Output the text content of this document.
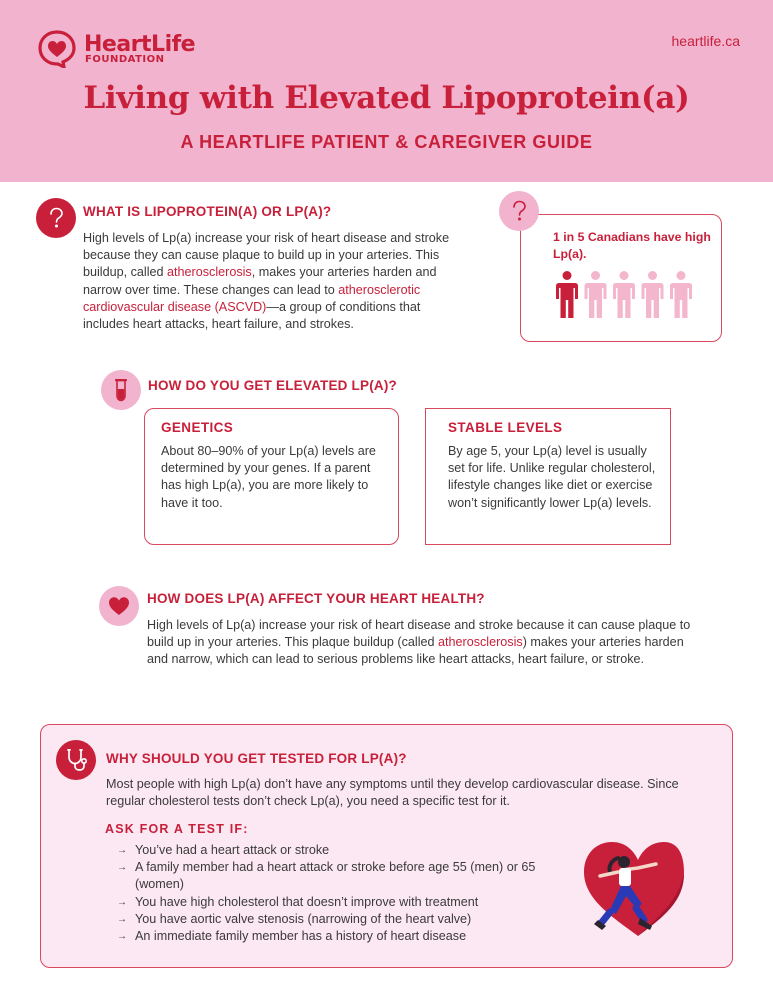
HeartLife
FOUNDATION
heartlife.ca
Living with Elevated Lipoprotein(a)
A HEARTLIFE PATIENT & CAREGIVER GUIDE
WHAT IS LIPOPROTEIN(A) OR LP(A)?
High levels of Lp(a) increase your risk of heart disease and stroke because they can cause plaque to build up in your arteries. This buildup, called atherosclerosis, makes your arteries harden and narrow over time. These changes can lead to atherosclerotic cardiovascular disease (ASCVD)—a group of conditions that includes heart attacks, heart failure, and strokes.
1 in 5 Canadians have high Lp(a).
HOW DO YOU GET ELEVATED LP(A)?
GENETICS
About 80–90% of your Lp(a) levels are determined by your genes. If a parent has high Lp(a), you are more likely to have it too.
STABLE LEVELS
By age 5, your Lp(a) level is usually set for life. Unlike regular cholesterol, lifestyle changes like diet or exercise won’t significantly lower Lp(a) levels.
HOW DOES LP(A) AFFECT YOUR HEART HEALTH?
High levels of Lp(a) increase your risk of heart disease and stroke because it can cause plaque to build up in your arteries. This plaque buildup (called atherosclerosis) makes your arteries harden and narrow, which can lead to serious problems like heart attacks, heart failure, or stroke.
WHY SHOULD YOU GET TESTED FOR LP(A)?
Most people with high Lp(a) don’t have any symptoms until they develop cardiovascular disease. Since regular cholesterol tests don’t check Lp(a), you need a specific test for it.
ASK FOR A TEST IF:
→ You’ve had a heart attack or stroke
→ A family member had a heart attack or stroke before age 55 (men) or 65 (women)
→ You have high cholesterol that doesn’t improve with treatment
→ You have aortic valve stenosis (narrowing of the heart valve)
→ An immediate family member has a history of heart disease
